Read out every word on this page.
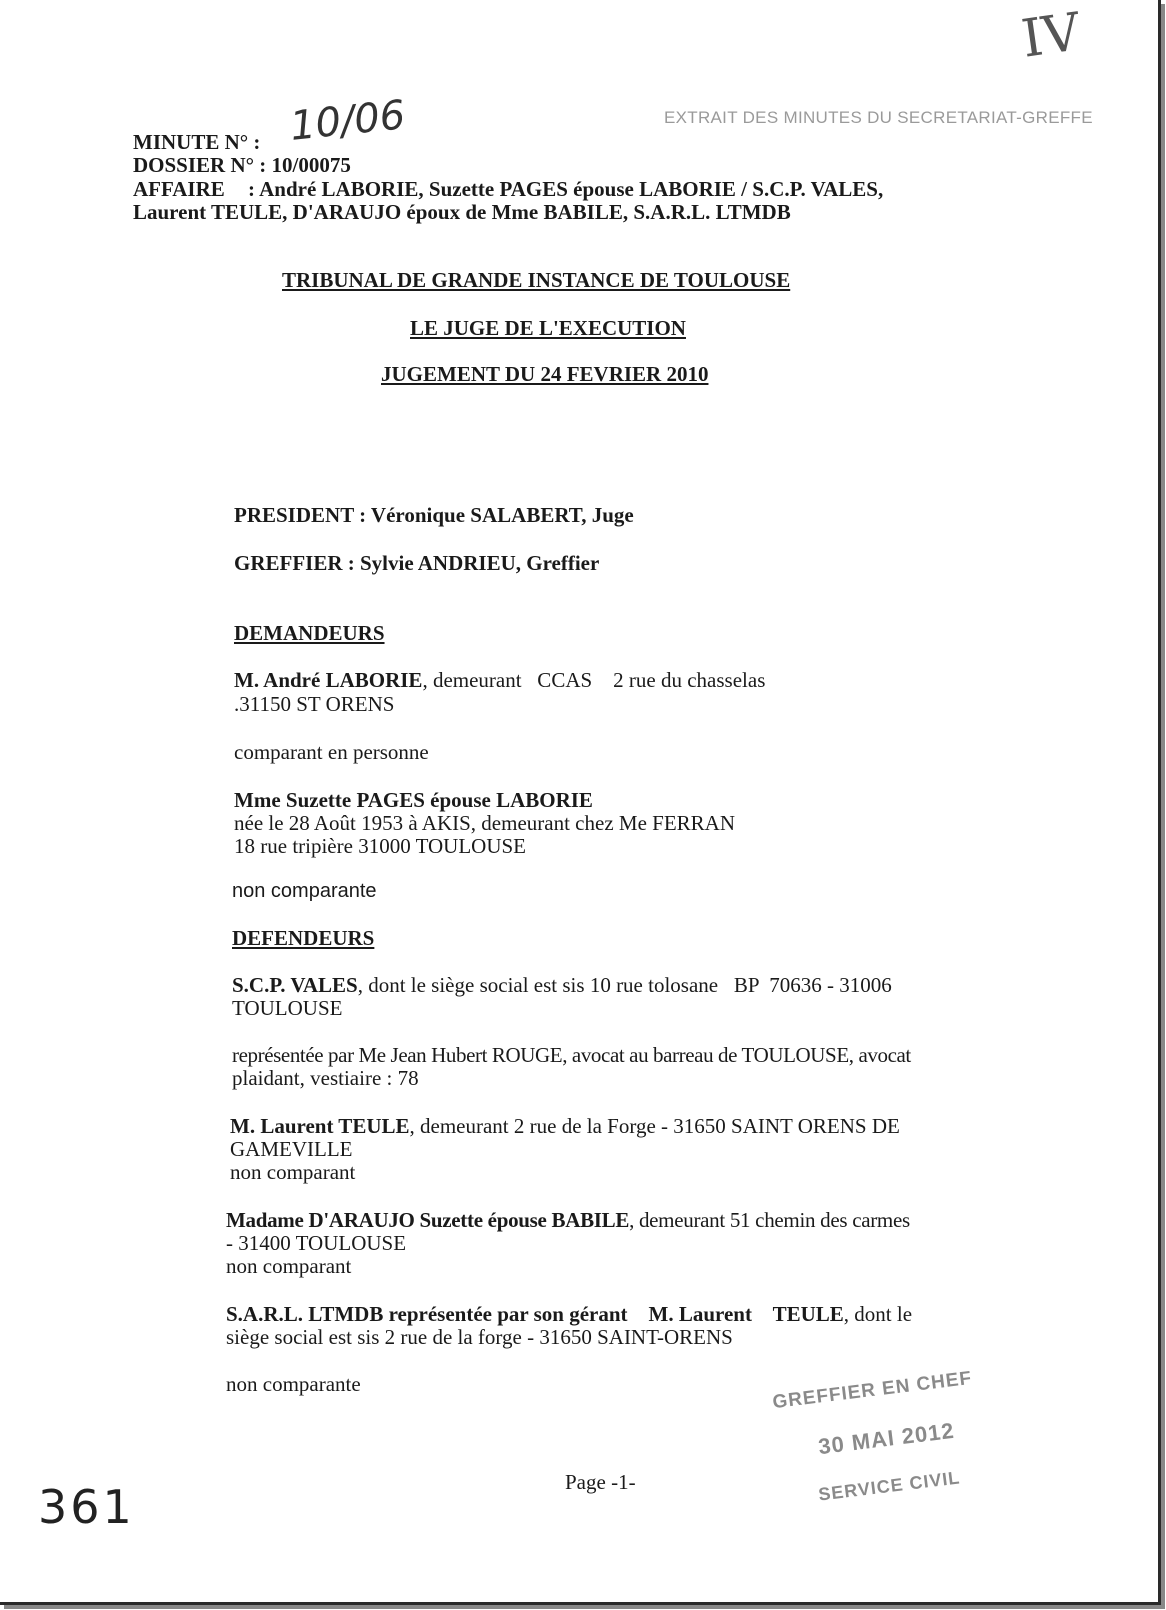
IV
EXTRAIT DES MINUTES DU SECRETARIAT-GREFFE
MINUTE N° : 10/06
DOSSIER N° : 10/00075
AFFAIRE : André LABORIE, Suzette PAGES épouse LABORIE / S.C.P. VALES,
Laurent TEULE, D'ARAUJO époux de Mme BABILE, S.A.R.L. LTMDB
TRIBUNAL DE GRANDE INSTANCE DE TOULOUSE
LE JUGE DE L'EXECUTION
JUGEMENT DU 24 FEVRIER 2010
PRESIDENT : Véronique SALABERT, Juge
GREFFIER : Sylvie ANDRIEU, Greffier
DEMANDEURS
M. André LABORIE, demeurant   CCAS    2 rue du chasselas
.31150 ST ORENS
comparant en personne
Mme Suzette PAGES épouse LABORIE
née le 28 Août 1953 à AKIS, demeurant chez Me FERRAN
18 rue tripière 31000 TOULOUSE
non comparante
DEFENDEURS
S.C.P. VALES, dont le siège social est sis 10 rue tolosane   BP  70636 - 31006
TOULOUSE
représentée par Me Jean Hubert ROUGE, avocat au barreau de TOULOUSE, avocat
plaidant, vestiaire : 78
M. Laurent TEULE, demeurant 2 rue de la Forge - 31650 SAINT ORENS DE
GAMEVILLE
non comparant
Madame D'ARAUJO Suzette épouse BABILE, demeurant 51 chemin des carmes
- 31400 TOULOUSE
non comparant
S.A.R.L. LTMDB représentée par son gérant    M. Laurent    TEULE, dont le
siège social est sis 2 rue de la forge - 31650 SAINT-ORENS
non comparante	GREFFIER EN CHEF
30 MAI 2012
SERVICE CIVIL
Page -1-
361
